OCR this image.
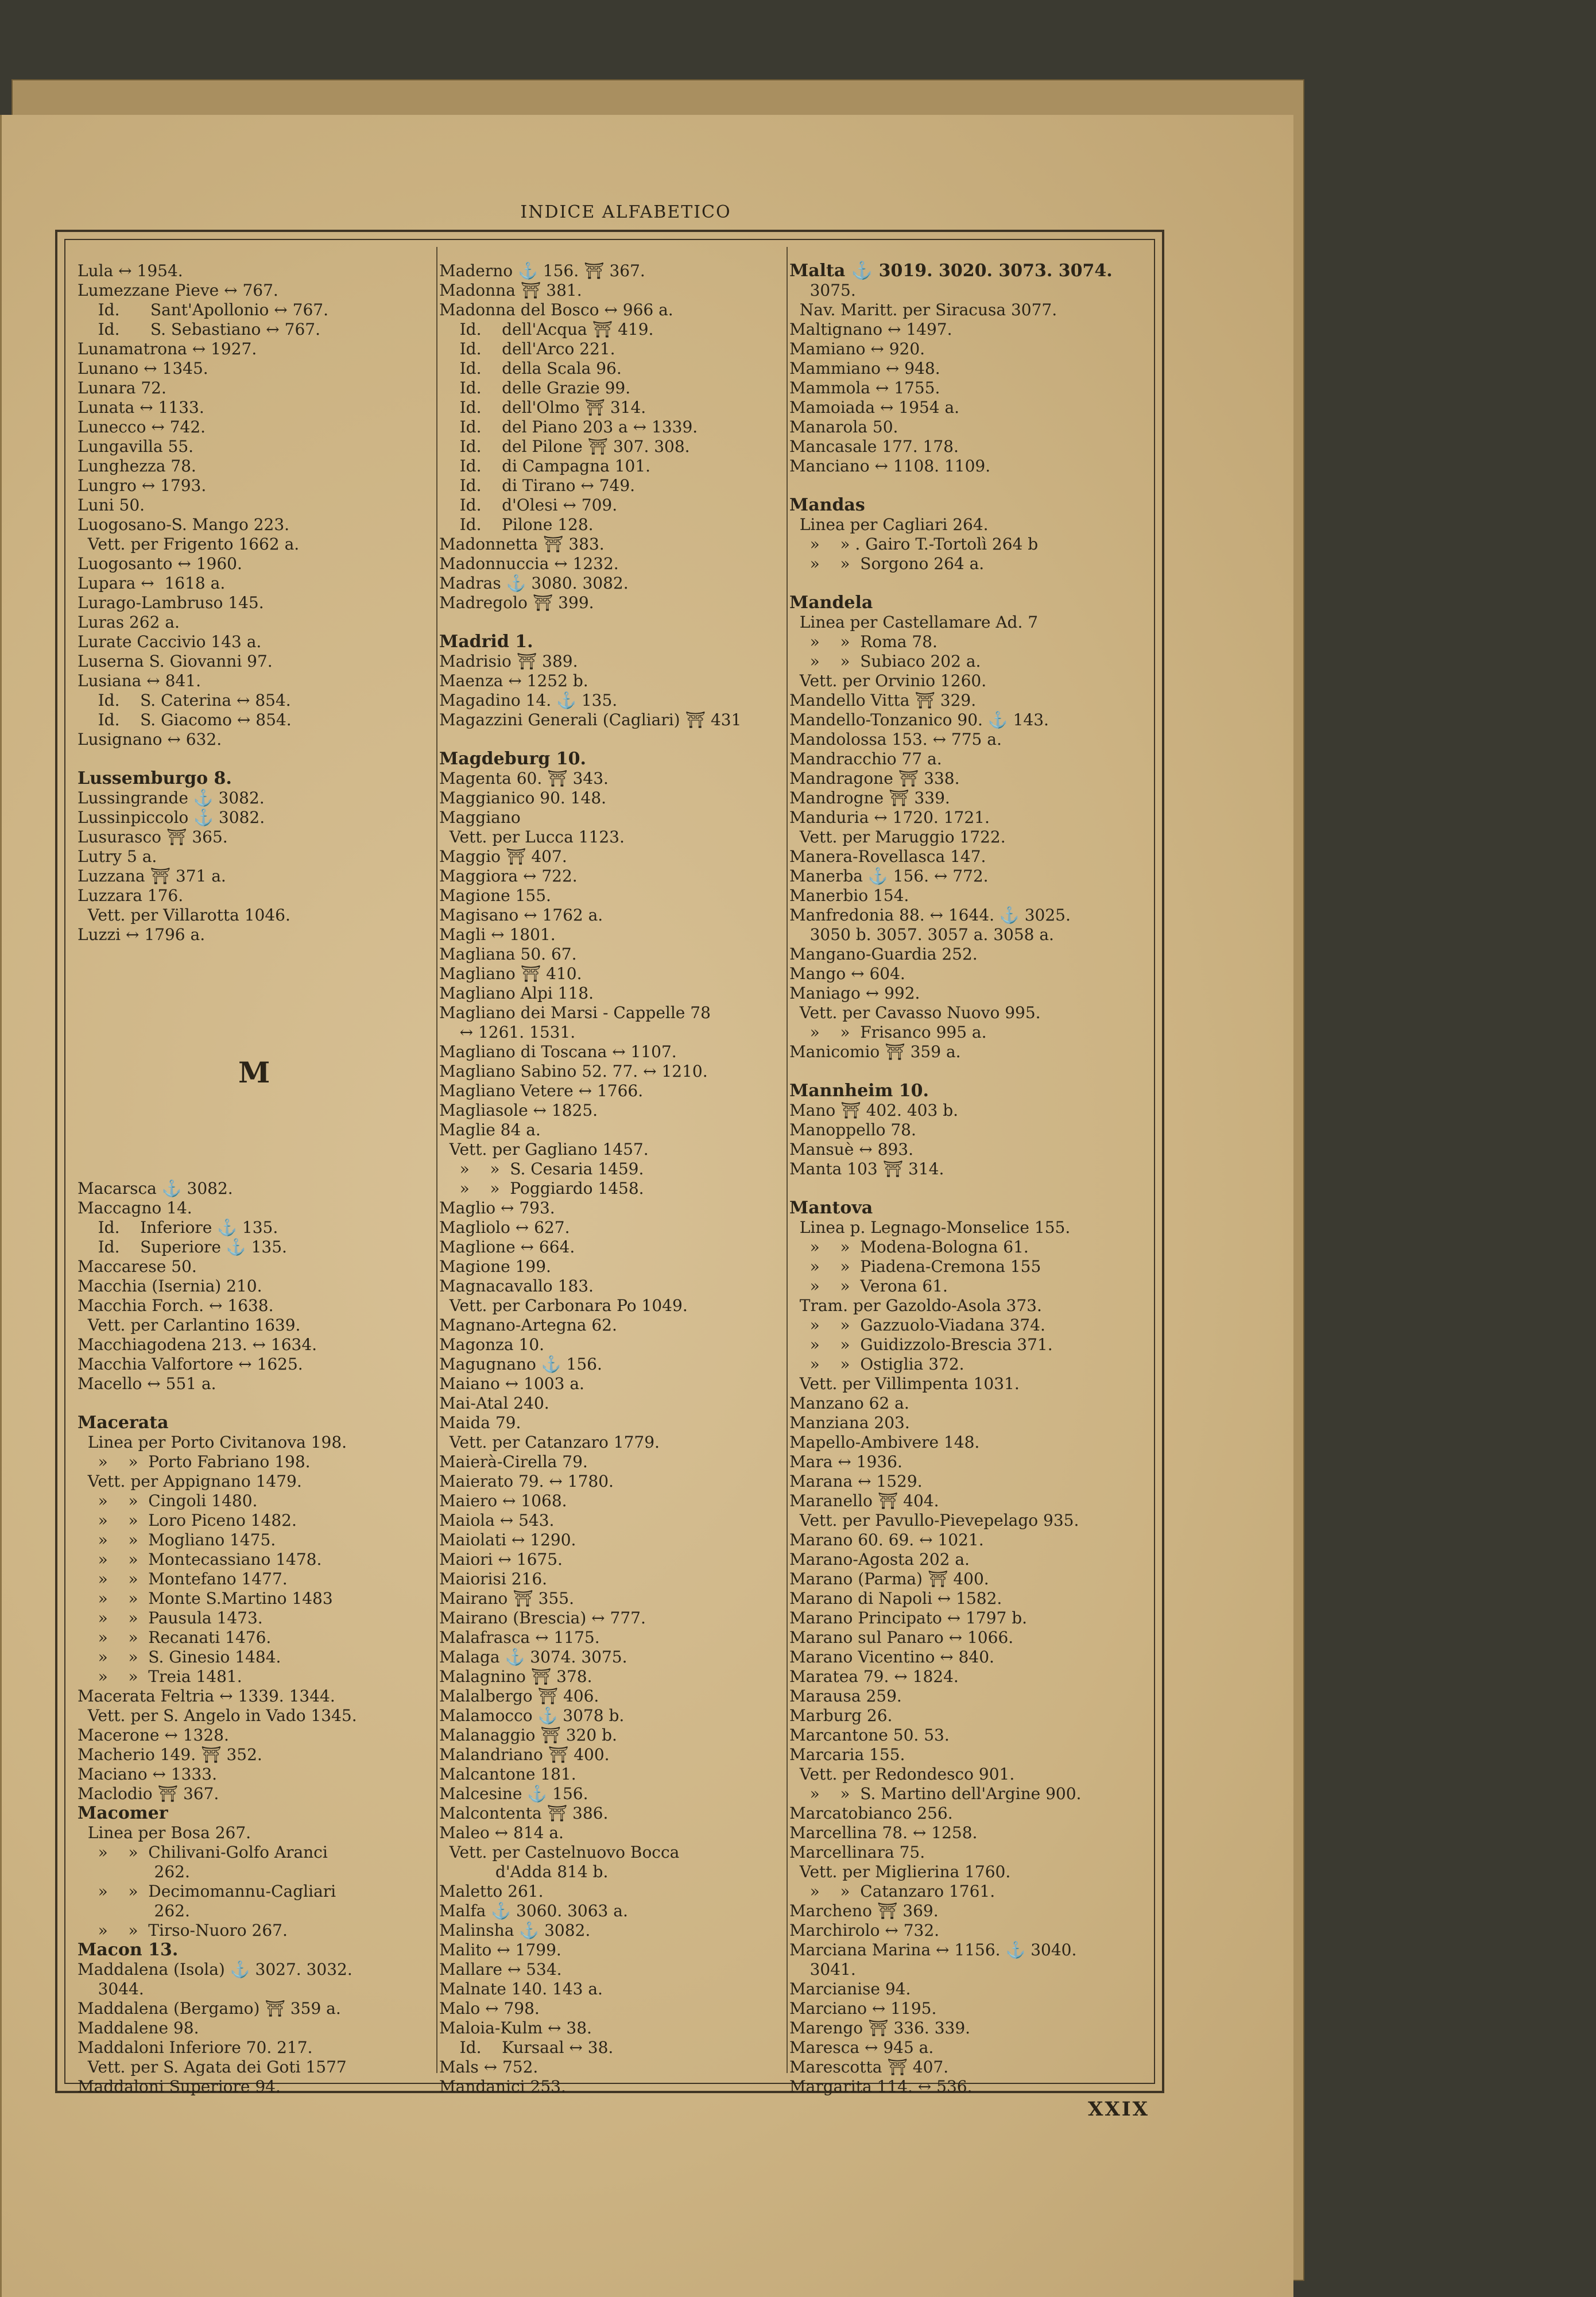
INDICE ALFABETICO
Lula ↔ 1954.
Lumezzane Pieve ↔ 767.
Id.      Sant'Apollonio ↔ 767.
Id.      S. Sebastiano ↔ 767.
Lunamatrona ↔ 1927.
Lunano ↔ 1345.
Lunara 72.
Lunata ↔ 1133.
Lunecco ↔ 742.
Lungavilla 55.
Lunghezza 78.
Lungro ↔ 1793.
Luni 50.
Luogosano-S. Mango 223.
Vett. per Frigento 1662 a.
Luogosanto ↔ 1960.
Lupara ↔  1618 a.
Lurago-Lambruso 145.
Luras 262 a.
Lurate Caccivio 143 a.
Luserna S. Giovanni 97.
Lusiana ↔ 841.
Id.    S. Caterina ↔ 854.
Id.    S. Giacomo ↔ 854.
Lusignano ↔ 632.
Lussemburgo 8.
Lussingrande ⚓ 3082.
Lussinpiccolo ⚓ 3082.
Lusurasco ⛩ 365.
Lutry 5 a.
Luzzana ⛩ 371 a.
Luzzara 176.
Vett. per Villarotta 1046.
Luzzi ↔ 1796 a.
Macarsca ⚓ 3082.
Maccagno 14.
Id.    Inferiore ⚓ 135.
Id.    Superiore ⚓ 135.
Maccarese 50.
Macchia (Isernia) 210.
Macchia Forch. ↔ 1638.
Vett. per Carlantino 1639.
Macchiagodena 213. ↔ 1634.
Macchia Valfortore ↔ 1625.
Macello ↔ 551 a.
Macerata
Linea per Porto Civitanova 198.
»    »  Porto Fabriano 198.
Vett. per Appignano 1479.
»    »  Cingoli 1480.
»    »  Loro Piceno 1482.
»    »  Mogliano 1475.
»    »  Montecassiano 1478.
»    »  Montefano 1477.
»    »  Monte S.Martino 1483
»    »  Pausula 1473.
»    »  Recanati 1476.
»    »  S. Ginesio 1484.
»    »  Treia 1481.
Macerata Feltria ↔ 1339. 1344.
Vett. per S. Angelo in Vado 1345.
Macerone ↔ 1328.
Macherio 149. ⛩ 352.
Maciano ↔ 1333.
Maclodio ⛩ 367.
Macomer
Linea per Bosa 267.
»    »  Chilivani-Golfo Aranci
262.
»    »  Decimomannu-Cagliari
262.
»    »  Tirso-Nuoro 267.
Macon 13.
Maddalena (Isola) ⚓ 3027. 3032.
3044.
Maddalena (Bergamo) ⛩ 359 a.
Maddalene 98.
Maddaloni Inferiore 70. 217.
Vett. per S. Agata dei Goti 1577
Maddaloni Superiore 94.
Maderno ⚓ 156. ⛩ 367.
Madonna ⛩ 381.
Madonna del Bosco ↔ 966 a.
Id.    dell'Acqua ⛩ 419.
Id.    dell'Arco 221.
Id.    della Scala 96.
Id.    delle Grazie 99.
Id.    dell'Olmo ⛩ 314.
Id.    del Piano 203 a ↔ 1339.
Id.    del Pilone ⛩ 307. 308.
Id.    di Campagna 101.
Id.    di Tirano ↔ 749.
Id.    d'Olesi ↔ 709.
Id.    Pilone 128.
Madonnetta ⛩ 383.
Madonnuccia ↔ 1232.
Madras ⚓ 3080. 3082.
Madregolo ⛩ 399.
Madrid 1.
Madrisio ⛩ 389.
Maenza ↔ 1252 b.
Magadino 14. ⚓ 135.
Magazzini Generali (Cagliari) ⛩ 431
Magdeburg 10.
Magenta 60. ⛩ 343.
Maggianico 90. 148.
Maggiano
Vett. per Lucca 1123.
Maggio ⛩ 407.
Maggiora ↔ 722.
Magione 155.
Magisano ↔ 1762 a.
Magli ↔ 1801.
Magliana 50. 67.
Magliano ⛩ 410.
Magliano Alpi 118.
Magliano dei Marsi - Cappelle 78
↔ 1261. 1531.
Magliano di Toscana ↔ 1107.
Magliano Sabino 52. 77. ↔ 1210.
Magliano Vetere ↔ 1766.
Magliasole ↔ 1825.
Maglie 84 a.
Vett. per Gagliano 1457.
»    »  S. Cesaria 1459.
»    »  Poggiardo 1458.
Maglio ↔ 793.
Magliolo ↔ 627.
Maglione ↔ 664.
Magione 199.
Magnacavallo 183.
Vett. per Carbonara Po 1049.
Magnano-Artegna 62.
Magonza 10.
Magugnano ⚓ 156.
Maiano ↔ 1003 a.
Mai-Atal 240.
Maida 79.
Vett. per Catanzaro 1779.
Maierà-Cirella 79.
Maierato 79. ↔ 1780.
Maiero ↔ 1068.
Maiola ↔ 543.
Maiolati ↔ 1290.
Maiori ↔ 1675.
Maiorisi 216.
Mairano ⛩ 355.
Mairano (Brescia) ↔ 777.
Malafrasca ↔ 1175.
Malaga ⚓ 3074. 3075.
Malagnino ⛩ 378.
Malalbergo ⛩ 406.
Malamocco ⚓ 3078 b.
Malanaggio ⛩ 320 b.
Malandriano ⛩ 400.
Malcantone 181.
Malcesine ⚓ 156.
Malcontenta ⛩ 386.
Maleo ↔ 814 a.
Vett. per Castelnuovo Bocca
d'Adda 814 b.
Maletto 261.
Malfa ⚓ 3060. 3063 a.
Malinsha ⚓ 3082.
Malito ↔ 1799.
Mallare ↔ 534.
Malnate 140. 143 a.
Malo ↔ 798.
Maloia-Kulm ↔ 38.
Id.    Kursaal ↔ 38.
Mals ↔ 752.
Mandanici 253.
Malta ⚓ 3019. 3020. 3073. 3074.
3075.
Nav. Maritt. per Siracusa 3077.
Maltignano ↔ 1497.
Mamiano ↔ 920.
Mammiano ↔ 948.
Mammola ↔ 1755.
Mamoiada ↔ 1954 a.
Manarola 50.
Mancasale 177. 178.
Manciano ↔ 1108. 1109.
Mandas
Linea per Cagliari 264.
»    » . Gairo T.-Tortolì 264 b
»    »  Sorgono 264 a.
Mandela
Linea per Castellamare Ad. 7
»    »  Roma 78.
»    »  Subiaco 202 a.
Vett. per Orvinio 1260.
Mandello Vitta ⛩ 329.
Mandello-Tonzanico 90. ⚓ 143.
Mandolossa 153. ↔ 775 a.
Mandracchio 77 a.
Mandragone ⛩ 338.
Mandrogne ⛩ 339.
Manduria ↔ 1720. 1721.
Vett. per Maruggio 1722.
Manera-Rovellasca 147.
Manerba ⚓ 156. ↔ 772.
Manerbio 154.
Manfredonia 88. ↔ 1644. ⚓ 3025.
3050 b. 3057. 3057 a. 3058 a.
Mangano-Guardia 252.
Mango ↔ 604.
Maniago ↔ 992.
Vett. per Cavasso Nuovo 995.
»    »  Frisanco 995 a.
Manicomio ⛩ 359 a.
Mannheim 10.
Mano ⛩ 402. 403 b.
Manoppello 78.
Mansuè ↔ 893.
Manta 103 ⛩ 314.
Mantova
Linea p. Legnago-Monselice 155.
»    »  Modena-Bologna 61.
»    »  Piadena-Cremona 155
»    »  Verona 61.
Tram. per Gazoldo-Asola 373.
»    »  Gazzuolo-Viadana 374.
»    »  Guidizzolo-Brescia 371.
»    »  Ostiglia 372.
Vett. per Villimpenta 1031.
Manzano 62 a.
Manziana 203.
Mapello-Ambivere 148.
Mara ↔ 1936.
Marana ↔ 1529.
Maranello ⛩ 404.
Vett. per Pavullo-Pievepelago 935.
Marano 60. 69. ↔ 1021.
Marano-Agosta 202 a.
Marano (Parma) ⛩ 400.
Marano di Napoli ↔ 1582.
Marano Principato ↔ 1797 b.
Marano sul Panaro ↔ 1066.
Marano Vicentino ↔ 840.
Maratea 79. ↔ 1824.
Marausa 259.
Marburg 26.
Marcantone 50. 53.
Marcaria 155.
Vett. per Redondesco 901.
»    »  S. Martino dell'Argine 900.
Marcatobianco 256.
Marcellina 78. ↔ 1258.
Marcellinara 75.
Vett. per Miglierina 1760.
»    »  Catanzaro 1761.
Marcheno ⛩ 369.
Marchirolo ↔ 732.
Marciana Marina ↔ 1156. ⚓ 3040.
3041.
Marcianise 94.
Marciano ↔ 1195.
Marengo ⛩ 336. 339.
Maresca ↔ 945 a.
Marescotta ⛩ 407.
Margarita 114. ↔ 536.
M
XXIX
